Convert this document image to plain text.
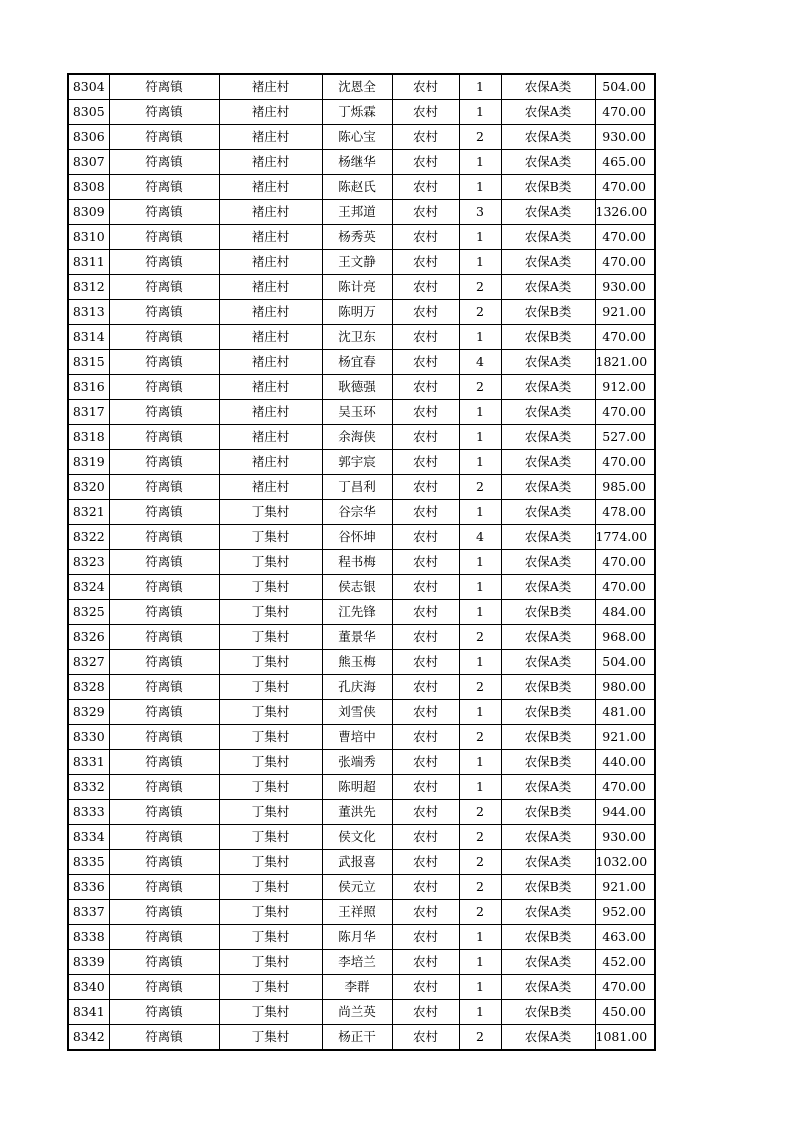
8304	符离镇	褚庄村	沈恩全	农村	1	农保A类	504.00
8305	符离镇	褚庄村	丁烁霖	农村	1	农保A类	470.00
8306	符离镇	褚庄村	陈心宝	农村	2	农保A类	930.00
8307	符离镇	褚庄村	杨继华	农村	1	农保A类	465.00
8308	符离镇	褚庄村	陈赵氏	农村	1	农保B类	470.00
8309	符离镇	褚庄村	王邦道	农村	3	农保A类	1326.00
8310	符离镇	褚庄村	杨秀英	农村	1	农保A类	470.00
8311	符离镇	褚庄村	王文静	农村	1	农保A类	470.00
8312	符离镇	褚庄村	陈计亮	农村	2	农保A类	930.00
8313	符离镇	褚庄村	陈明万	农村	2	农保B类	921.00
8314	符离镇	褚庄村	沈卫东	农村	1	农保B类	470.00
8315	符离镇	褚庄村	杨宜春	农村	4	农保A类	1821.00
8316	符离镇	褚庄村	耿德强	农村	2	农保A类	912.00
8317	符离镇	褚庄村	吴玉环	农村	1	农保A类	470.00
8318	符离镇	褚庄村	余海侠	农村	1	农保A类	527.00
8319	符离镇	褚庄村	郭宇宸	农村	1	农保A类	470.00
8320	符离镇	褚庄村	丁昌利	农村	2	农保A类	985.00
8321	符离镇	丁集村	谷宗华	农村	1	农保A类	478.00
8322	符离镇	丁集村	谷怀坤	农村	4	农保A类	1774.00
8323	符离镇	丁集村	程书梅	农村	1	农保A类	470.00
8324	符离镇	丁集村	侯志银	农村	1	农保A类	470.00
8325	符离镇	丁集村	江先锋	农村	1	农保B类	484.00
8326	符离镇	丁集村	董景华	农村	2	农保A类	968.00
8327	符离镇	丁集村	熊玉梅	农村	1	农保A类	504.00
8328	符离镇	丁集村	孔庆海	农村	2	农保B类	980.00
8329	符离镇	丁集村	刘雪侠	农村	1	农保B类	481.00
8330	符离镇	丁集村	曹培中	农村	2	农保B类	921.00
8331	符离镇	丁集村	张端秀	农村	1	农保B类	440.00
8332	符离镇	丁集村	陈明超	农村	1	农保A类	470.00
8333	符离镇	丁集村	董洪先	农村	2	农保B类	944.00
8334	符离镇	丁集村	侯文化	农村	2	农保A类	930.00
8335	符离镇	丁集村	武报喜	农村	2	农保A类	1032.00
8336	符离镇	丁集村	侯元立	农村	2	农保B类	921.00
8337	符离镇	丁集村	王祥照	农村	2	农保A类	952.00
8338	符离镇	丁集村	陈月华	农村	1	农保B类	463.00
8339	符离镇	丁集村	李培兰	农村	1	农保A类	452.00
8340	符离镇	丁集村	李群	农村	1	农保A类	470.00
8341	符离镇	丁集村	尚兰英	农村	1	农保B类	450.00
8342	符离镇	丁集村	杨正干	农村	2	农保A类	1081.00
